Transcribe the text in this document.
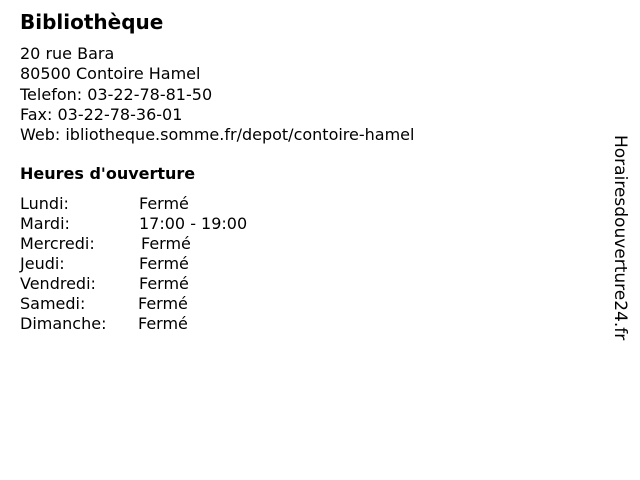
Bibliothèque
20 rue Bara
80500 Contoire Hamel
Telefon: 03-22-78-81-50
Fax: 03-22-78-36-01
Web: ibliotheque.somme.fr/depot/contoire-hamel
Heures d'ouverture
Lundi:	Fermé
Mardi:	17:00 - 19:00
Mercredi:	Fermé
Jeudi:	Fermé
Vendredi:	Fermé
Samedi:	Fermé
Dimanche: Fermé	Horairesdouverture24.fr
